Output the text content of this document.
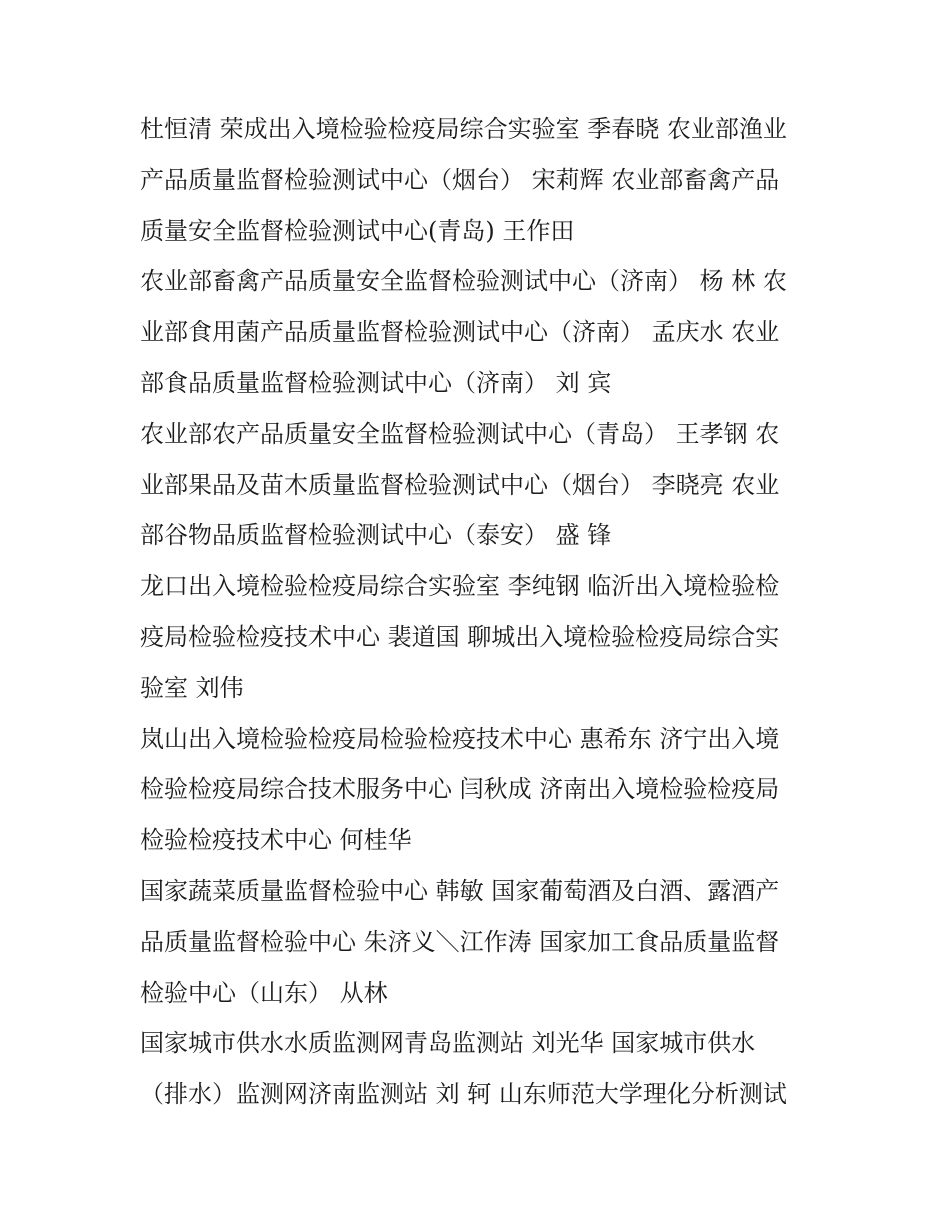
杜恒清 荣成出入境检验检疫局综合实验室 季春晓 农业部渔业
产品质量监督检验测试中心（烟台） 宋莉辉 农业部畜禽产品
质量安全监督检验测试中心(青岛) 王作田
农业部畜禽产品质量安全监督检验测试中心（济南） 杨 林 农
业部食用菌产品质量监督检验测试中心（济南） 孟庆水 农业
部食品质量监督检验测试中心（济南） 刘 宾
农业部农产品质量安全监督检验测试中心（青岛） 王孝钢 农
业部果品及苗木质量监督检验测试中心（烟台） 李晓亮 农业
部谷物品质监督检验测试中心（泰安） 盛 锋
龙口出入境检验检疫局综合实验室 李纯钢 临沂出入境检验检
疫局检验检疫技术中心 裴道国 聊城出入境检验检疫局综合实
验室 刘伟
岚山出入境检验检疫局检验检疫技术中心 惠希东 济宁出入境
检验检疫局综合技术服务中心 闫秋成 济南出入境检验检疫局
检验检疫技术中心 何桂华
国家蔬菜质量监督检验中心 韩敏 国家葡萄酒及白酒、露酒产
品质量监督检验中心 朱济义＼江作涛 国家加工食品质量监督
检验中心（山东） 从林
国家城市供水水质监测网青岛监测站 刘光华 国家城市供水
（排水）监测网济南监测站 刘 轲 山东师范大学理化分析测试
